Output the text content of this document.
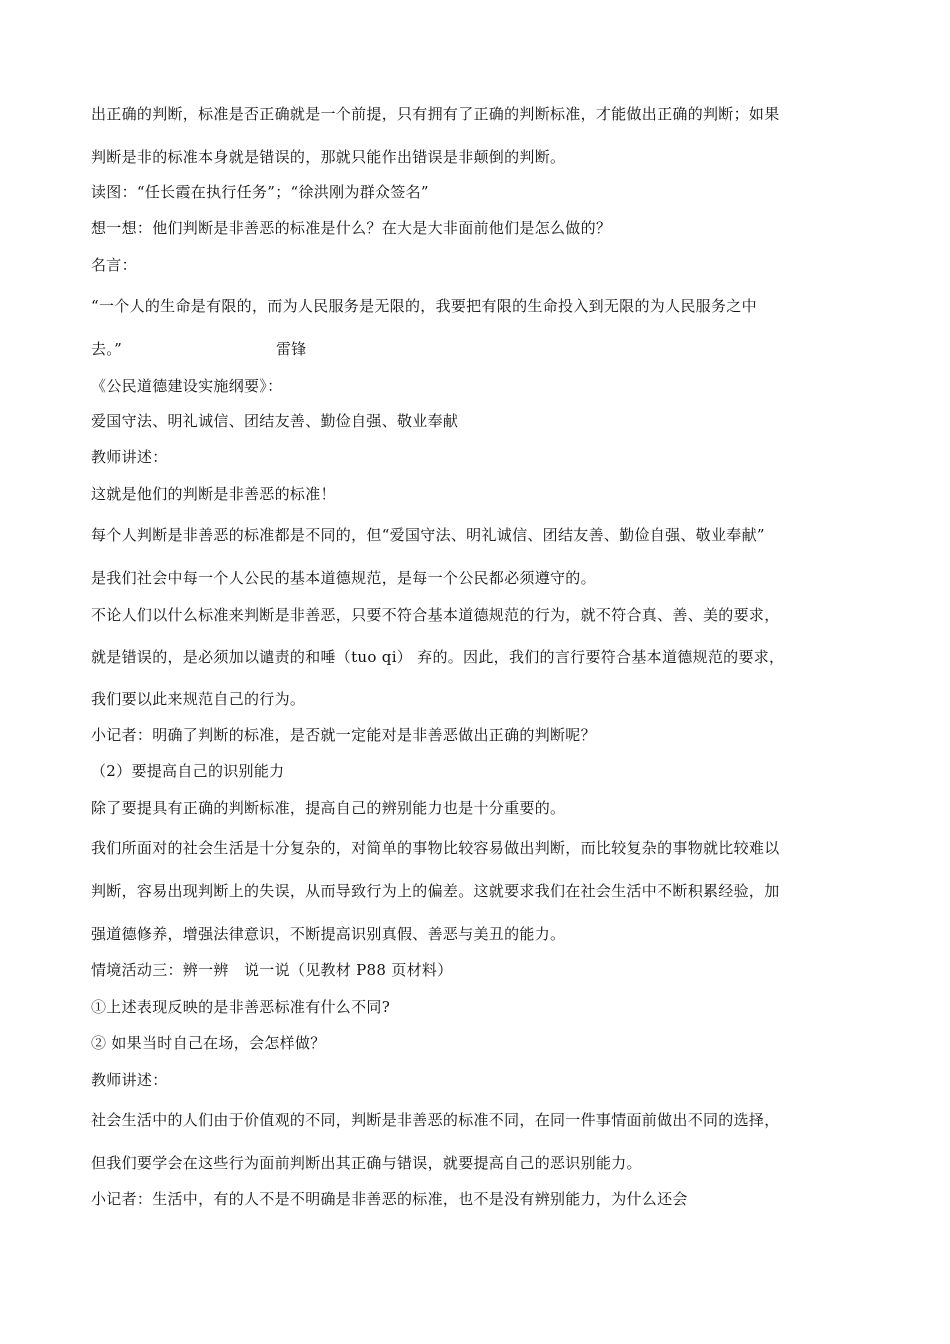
出正确的判断，标准是否正确就是一个前提，只有拥有了正确的判断标准，才能做出正确的判断；如果
判断是非的标准本身就是错误的，那就只能作出错误是非颠倒的判断。
读图：“任长霞在执行任务”；“徐洪刚为群众签名”
想一想：他们判断是非善恶的标准是什么？在大是大非面前他们是怎么做的？
名言：
“一个人的生命是有限的，而为人民服务是无限的，我要把有限的生命投入到无限的为人民服务之中
去。”	雷锋
《公民道德建设实施纲要》：
爱国守法、明礼诚信、团结友善、勤俭自强、敬业奉献
教师讲述：
这就是他们的判断是非善恶的标准！
每个人判断是非善恶的标准都是不同的，但“爱国守法、明礼诚信、团结友善、勤俭自强、敬业奉献”
是我们社会中每一个人公民的基本道德规范，是每一个公民都必须遵守的。
不论人们以什么标准来判断是非善恶，只要不符合基本道德规范的行为，就不符合真、善、美的要求，
就是错误的，是必须加以谴责的和唾（tuo qi） 弃的。因此，我们的言行要符合基本道德规范的要求，
我们要以此来规范自己的行为。
小记者：明确了判断的标准，是否就一定能对是非善恶做出正确的判断呢？
（2）要提高自己的识别能力
除了要提具有正确的判断标准，提高自己的辨别能力也是十分重要的。
我们所面对的社会生活是十分复杂的，对简单的事物比较容易做出判断，而比较复杂的事物就比较难以
判断，容易出现判断上的失误，从而导致行为上的偏差。这就要求我们在社会生活中不断积累经验，加
强道德修养，增强法律意识，不断提高识别真假、善恶与美丑的能力。
情境活动三：辨一辨　说一说（见教材 P88 页材料）
①上述表现反映的是非善恶标准有什么不同?
② 如果当时自己在场，会怎样做？
教师讲述：
社会生活中的人们由于价值观的不同，判断是非善恶的标准不同，在同一件事情面前做出不同的选择，
但我们要学会在这些行为面前判断出其正确与错误，就要提高自己的恶识别能力。
小记者：生活中，有的人不是不明确是非善恶的标准，也不是没有辨别能力，为什么还会
